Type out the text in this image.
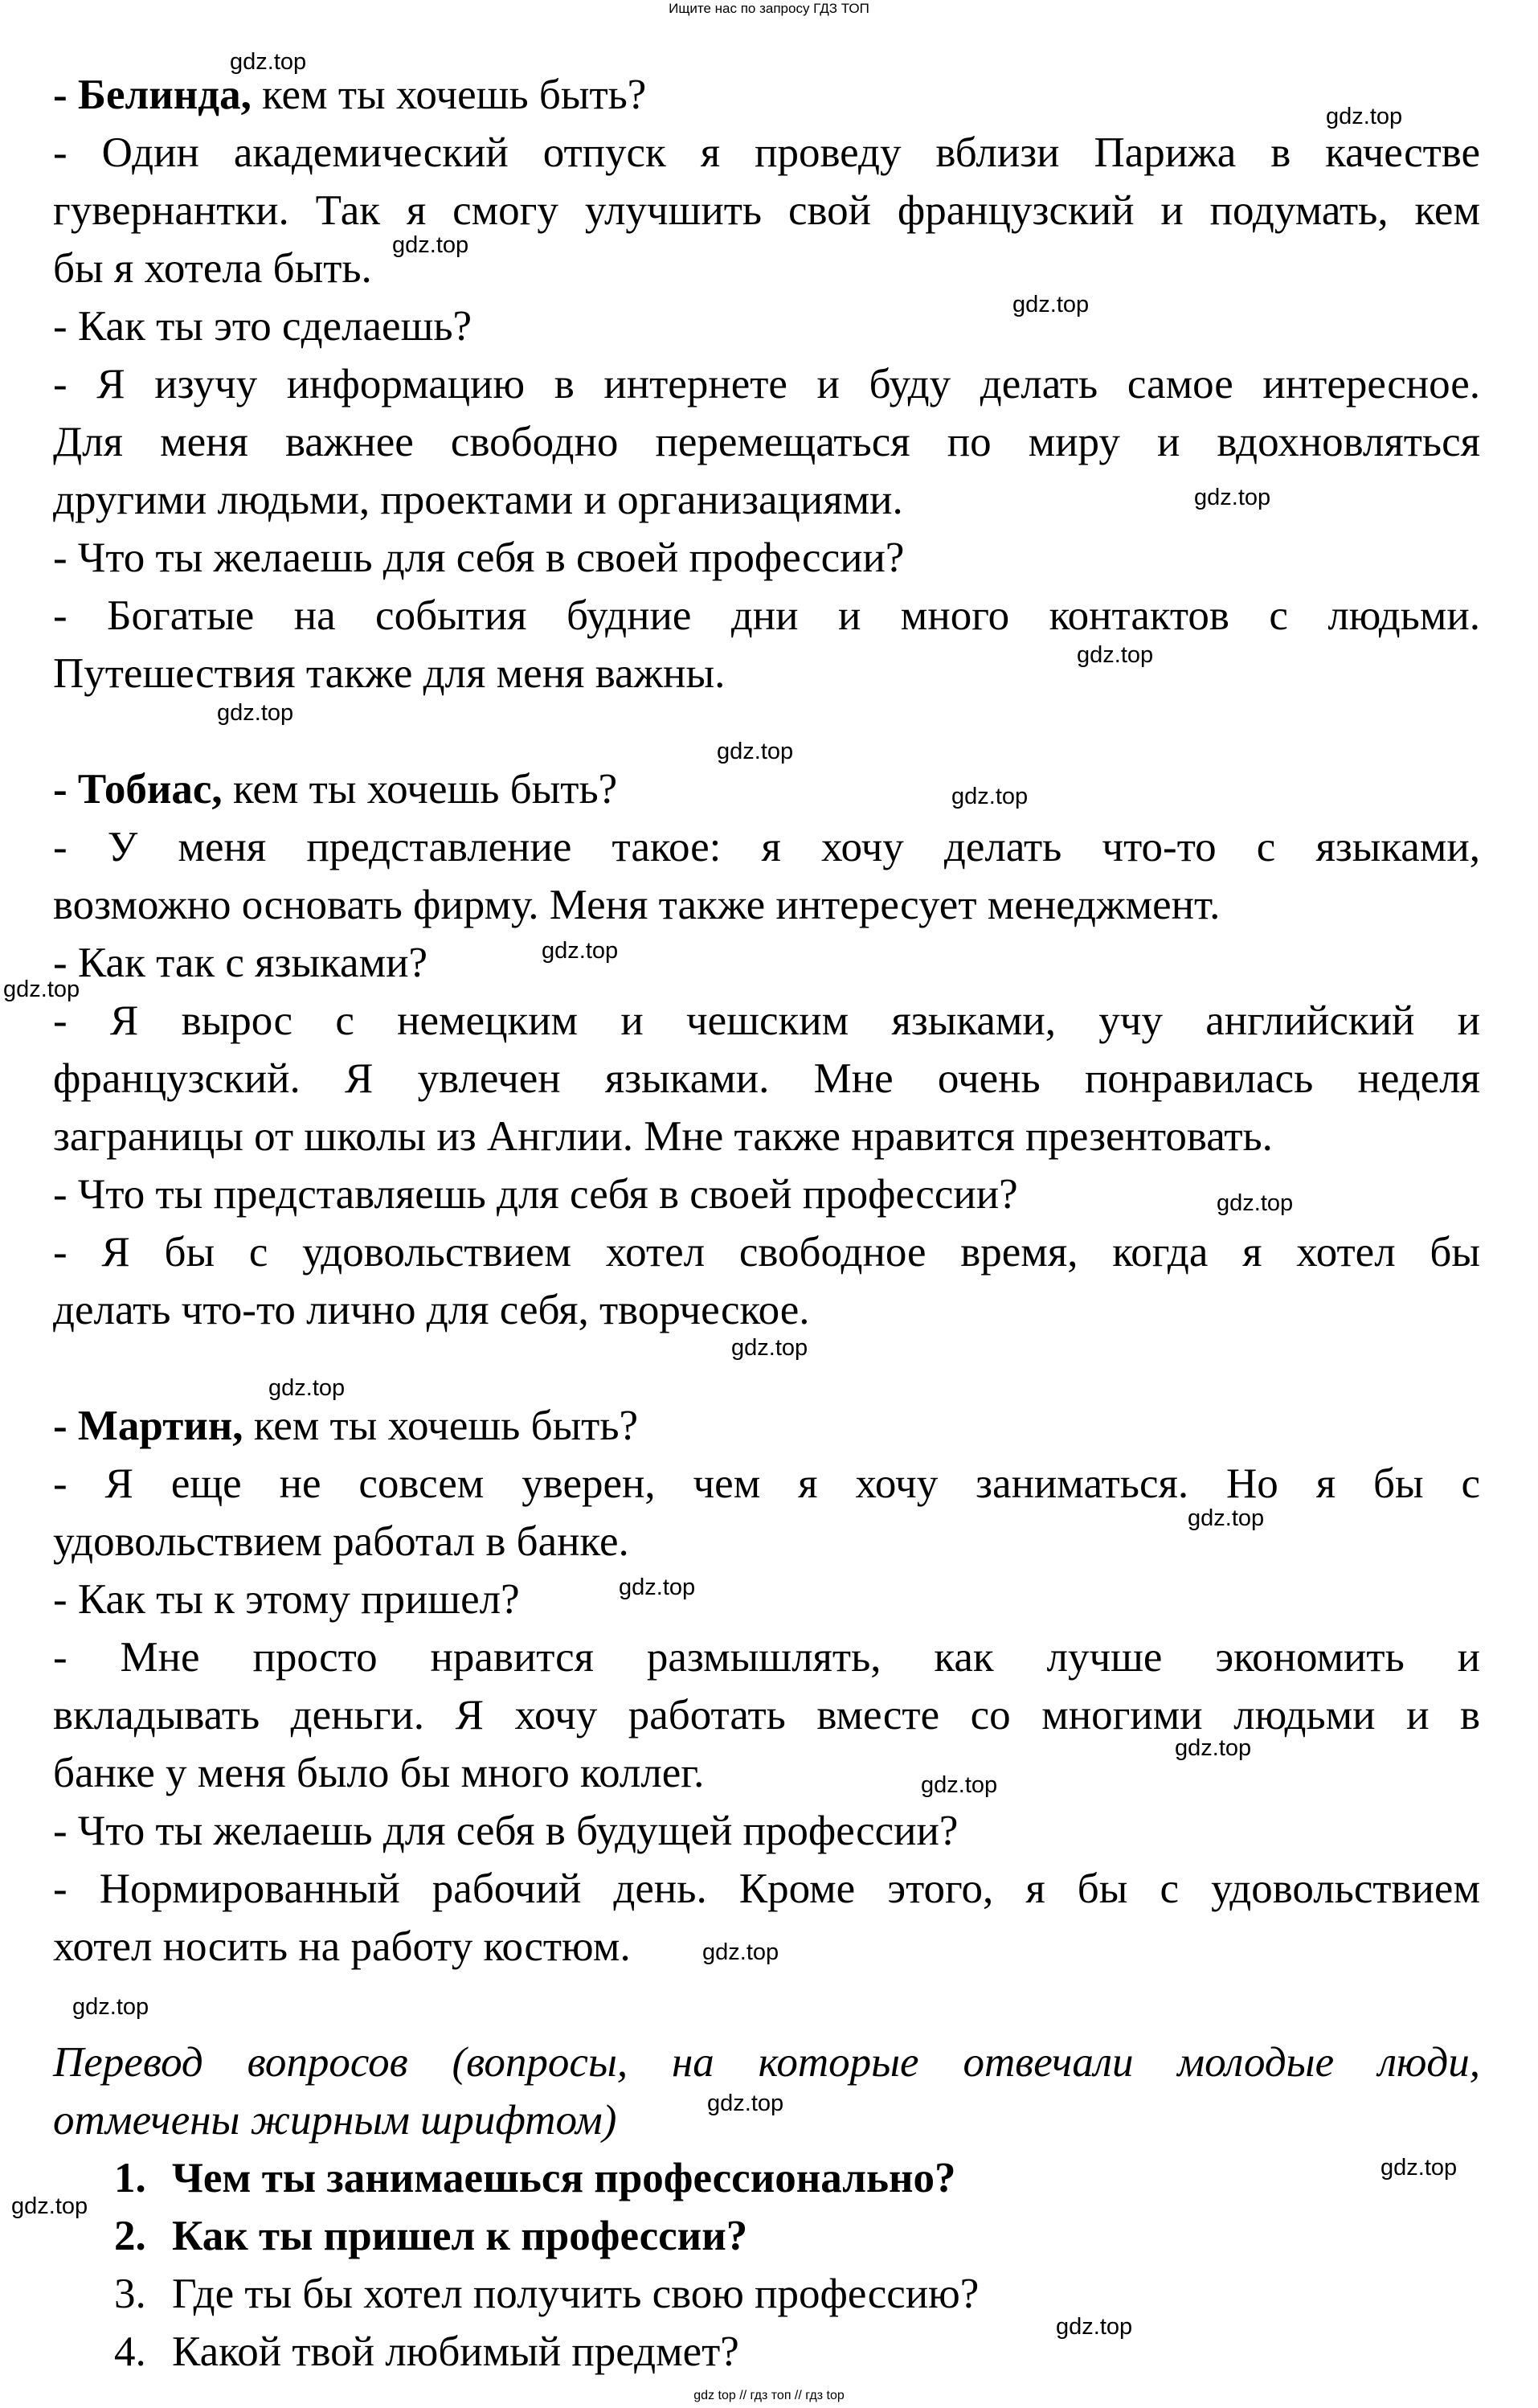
Ищите нас по запросу ГДЗ ТОП
- Белинда, кем ты хочешь быть?
- Один академический отпуск я проведу вблизи Парижа в качестве
гувернантки. Так я смогу улучшить свой французский и подумать, кем
бы я хотела быть.
- Как ты это сделаешь?
- Я изучу информацию в интернете и буду делать самое интересное.
Для меня важнее свободно перемещаться по миру и вдохновляться
другими людьми, проектами и организациями.
- Что ты желаешь для себя в своей профессии?
- Богатые на события будние дни и много контактов с людьми.
Путешествия также для меня важны.
- Тобиас, кем ты хочешь быть?
- У меня представление такое: я хочу делать что-то с языками,
возможно основать фирму. Меня также интересует менеджмент.
- Как так с языками?
- Я вырос с немецким и чешским языками, учу английский и
французский. Я увлечен языками. Мне очень понравилась неделя
заграницы от школы из Англии. Мне также нравится презентовать.
- Что ты представляешь для себя в своей профессии?
- Я бы с удовольствием хотел свободное время, когда я хотел бы
делать что-то лично для себя, творческое.
- Мартин, кем ты хочешь быть?
- Я еще не совсем уверен, чем я хочу заниматься. Но я бы с
удовольствием работал в банке.
- Как ты к этому пришел?
- Мне просто нравится размышлять, как лучше экономить и
вкладывать деньги. Я хочу работать вместе со многими людьми и в
банке у меня было бы много коллег.
- Что ты желаешь для себя в будущей профессии?
- Нормированный рабочий день. Кроме этого, я бы с удовольствием
хотел носить на работу костюм.
Перевод вопросов (вопросы, на которые отвечали молодые люди,
отмечены жирным шрифтом)
1. Чем ты занимаешься профессионально?
2. Как ты пришел к профессии?
3. Где ты бы хотел получить свою профессию?
4. Какой твой любимый предмет?
gdz.top
gdz.top
gdz.top
gdz.top
gdz.top
gdz.top
gdz.top
gdz.top
gdz.top
gdz.top
gdz.top
gdz.top
gdz.top
gdz.top
gdz.top
gdz.top
gdz.top
gdz.top
gdz.top
gdz.top
gdz.top
gdz.top
gdz.top
gdz.top
gdz top // гдз топ // гдз top
